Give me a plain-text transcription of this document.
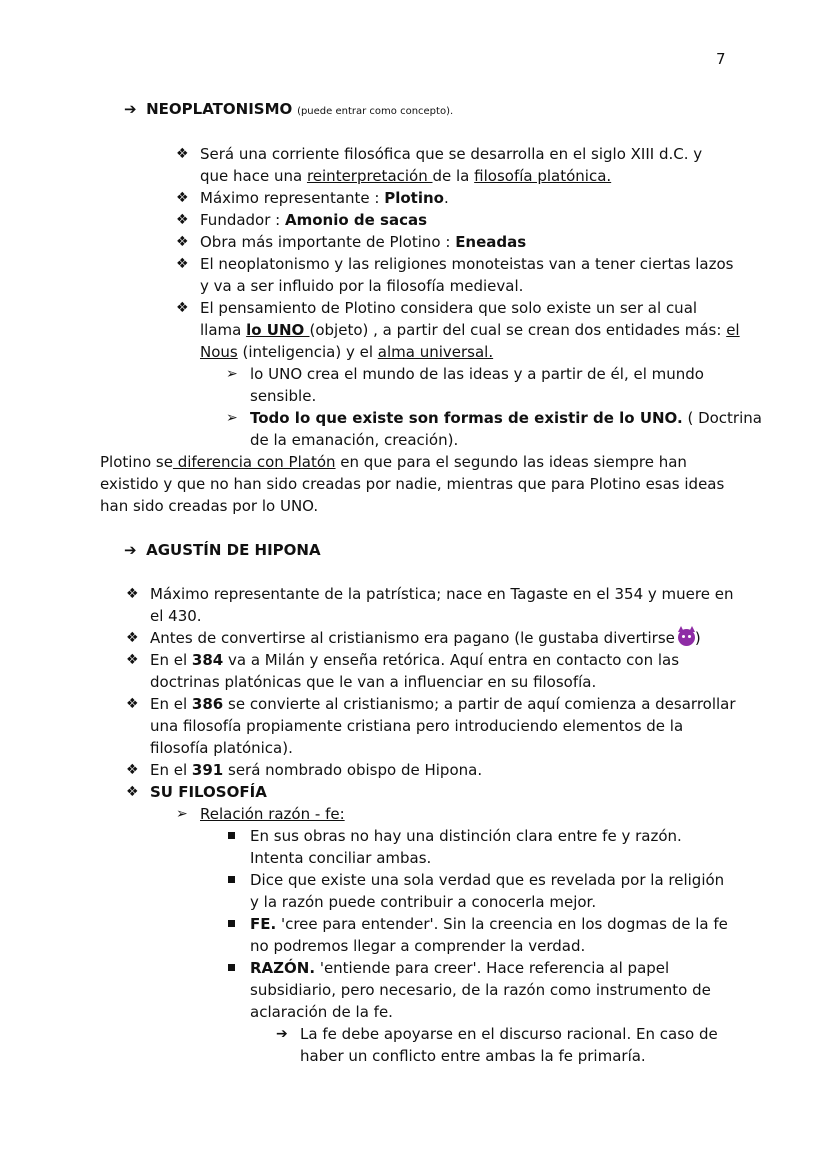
7
➔ NEOPLATONISMO (puede entrar como concepto).
❖ Será una corriente filosófica que se desarrolla en el siglo XIII d.C. y
que hace una reinterpretación de la filosofía platónica.
❖ Máximo representante : Plotino.
❖ Fundador : Amonio de sacas
❖ Obra más importante de Plotino : Eneadas
❖ El neoplatonismo y las religiones monoteistas van a tener ciertas lazos
y va a ser influido por la filosofía medieval.
❖ El pensamiento de Plotino considera que solo existe un ser al cual
llama lo UNO (objeto) , a partir del cual se crean dos entidades más: el
Nous (inteligencia) y el alma universal.
➢ lo UNO crea el mundo de las ideas y a partir de él, el mundo
sensible.
➢ Todo lo que existe son formas de existir de lo UNO. ( Doctrina
de la emanación, creación).
Plotino se diferencia con Platón en que para el segundo las ideas siempre han
existido y que no han sido creadas por nadie, mientras que para Plotino esas ideas
han sido creadas por lo UNO.
➔ AGUSTÍN DE HIPONA
❖ Máximo representante de la patrística; nace en Tagaste en el 354 y muere en
el 430.
❖ Antes de convertirse al cristianismo era pagano (le gustaba divertirse )
❖ En el 384 va a Milán y enseña retórica. Aquí entra en contacto con las
doctrinas platónicas que le van a influenciar en su filosofía.
❖ En el 386 se convierte al cristianismo; a partir de aquí comienza a desarrollar
una filosofía propiamente cristiana pero introduciendo elementos de la
filosofía platónica).
❖ En el 391 será nombrado obispo de Hipona.
❖ SU FILOSOFÍA
➢ Relación razón - fe:
En sus obras no hay una distinción clara entre fe y razón.
Intenta conciliar ambas.
Dice que existe una sola verdad que es revelada por la religión
y la razón puede contribuir a conocerla mejor.
FE. 'cree para entender'. Sin la creencia en los dogmas de la fe
no podremos llegar a comprender la verdad.
RAZÓN. 'entiende para creer'. Hace referencia al papel
subsidiario, pero necesario, de la razón como instrumento de
aclaración de la fe.
➔ La fe debe apoyarse en el discurso racional. En caso de
haber un conflicto entre ambas la fe primaría.
